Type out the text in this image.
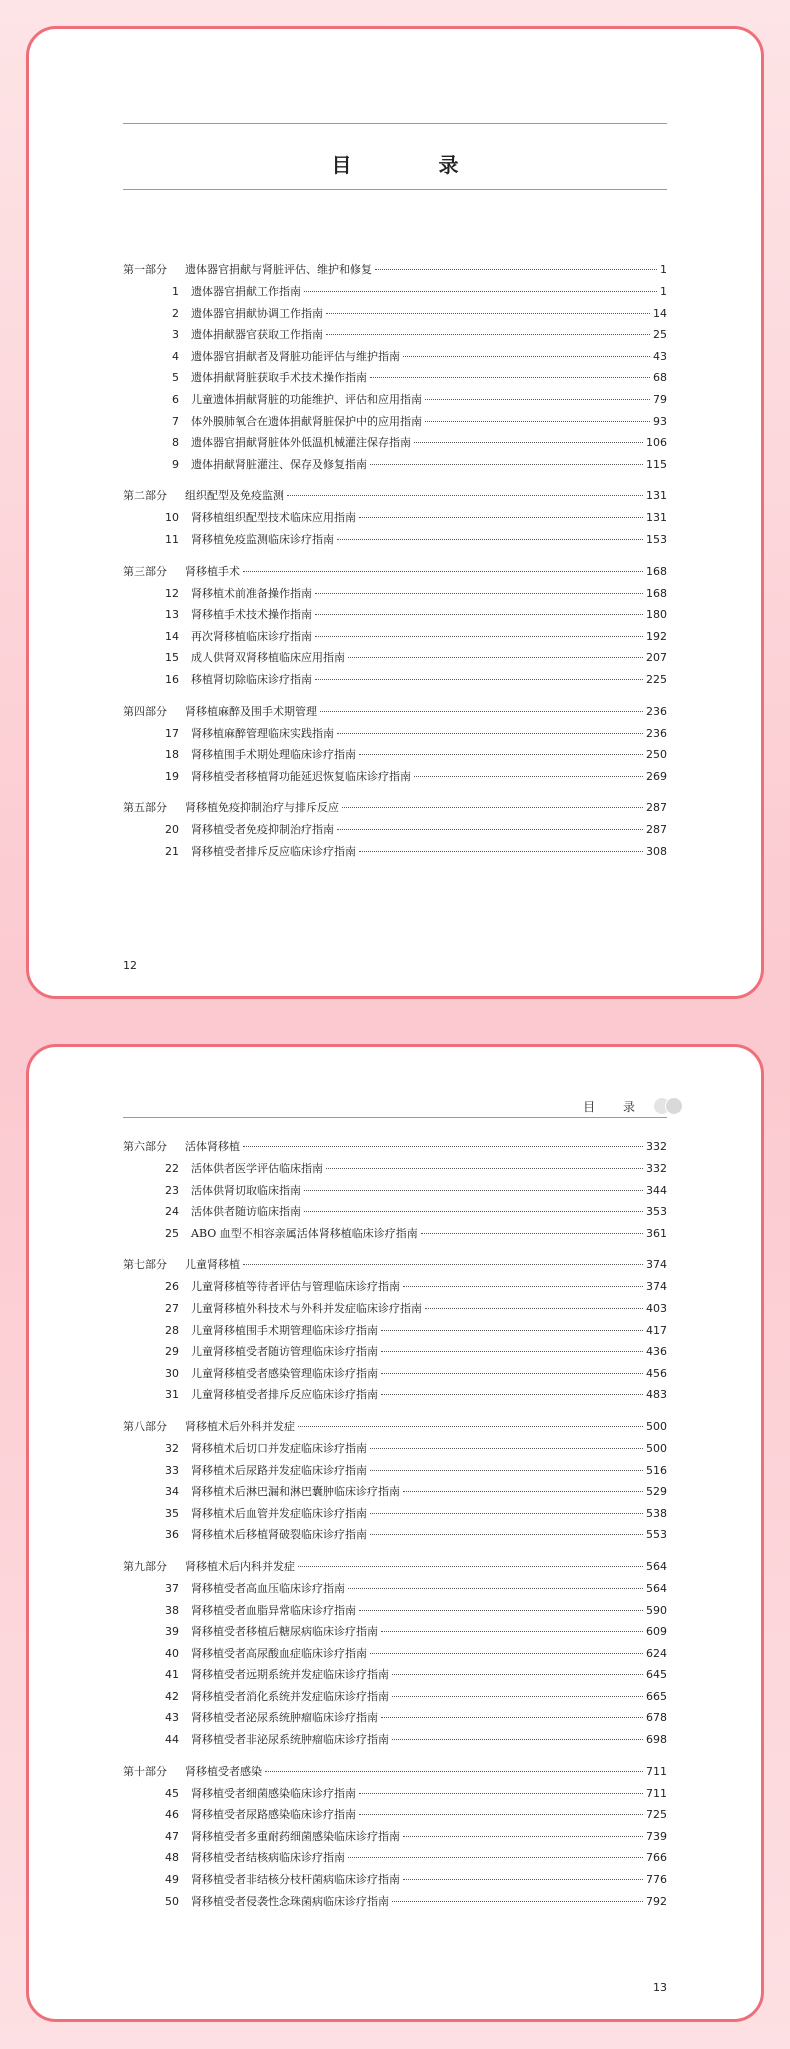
目 录
第一部分	遗体器官捐献与肾脏评估、维护和修复	1
1	遗体器官捐献工作指南	1
2	遗体器官捐献协调工作指南	14
3	遗体捐献器官获取工作指南	25
4	遗体器官捐献者及肾脏功能评估与维护指南	43
5	遗体捐献肾脏获取手术技术操作指南	68
6	儿童遗体捐献肾脏的功能维护、评估和应用指南	79
7	体外膜肺氧合在遗体捐献肾脏保护中的应用指南	93
8	遗体器官捐献肾脏体外低温机械灌注保存指南	106
9	遗体捐献肾脏灌注、保存及修复指南	115
第二部分	组织配型及免疫监测	131
10	肾移植组织配型技术临床应用指南	131
11	肾移植免疫监测临床诊疗指南	153
第三部分	肾移植手术	168
12	肾移植术前准备操作指南	168
13	肾移植手术技术操作指南	180
14	再次肾移植临床诊疗指南	192
15	成人供肾双肾移植临床应用指南	207
16	移植肾切除临床诊疗指南	225
第四部分	肾移植麻醉及围手术期管理	236
17	肾移植麻醉管理临床实践指南	236
18	肾移植围手术期处理临床诊疗指南	250
19	肾移植受者移植肾功能延迟恢复临床诊疗指南	269
第五部分	肾移植免疫抑制治疗与排斥反应	287
20	肾移植受者免疫抑制治疗指南	287
21	肾移植受者排斥反应临床诊疗指南	308
12
目 录
第六部分	活体肾移植	332
22	活体供者医学评估临床指南	332
23	活体供肾切取临床指南	344
24	活体供者随访临床指南	353
25	ABO 血型不相容亲属活体肾移植临床诊疗指南	361
第七部分	儿童肾移植	374
26	儿童肾移植等待者评估与管理临床诊疗指南	374
27	儿童肾移植外科技术与外科并发症临床诊疗指南	403
28	儿童肾移植围手术期管理临床诊疗指南	417
29	儿童肾移植受者随访管理临床诊疗指南	436
30	儿童肾移植受者感染管理临床诊疗指南	456
31	儿童肾移植受者排斥反应临床诊疗指南	483
第八部分	肾移植术后外科并发症	500
32	肾移植术后切口并发症临床诊疗指南	500
33	肾移植术后尿路并发症临床诊疗指南	516
34	肾移植术后淋巴漏和淋巴囊肿临床诊疗指南	529
35	肾移植术后血管并发症临床诊疗指南	538
36	肾移植术后移植肾破裂临床诊疗指南	553
第九部分	肾移植术后内科并发症	564
37	肾移植受者高血压临床诊疗指南	564
38	肾移植受者血脂异常临床诊疗指南	590
39	肾移植受者移植后糖尿病临床诊疗指南	609
40	肾移植受者高尿酸血症临床诊疗指南	624
41	肾移植受者远期系统并发症临床诊疗指南	645
42	肾移植受者消化系统并发症临床诊疗指南	665
43	肾移植受者泌尿系统肿瘤临床诊疗指南	678
44	肾移植受者非泌尿系统肿瘤临床诊疗指南	698
第十部分	肾移植受者感染	711
45	肾移植受者细菌感染临床诊疗指南	711
46	肾移植受者尿路感染临床诊疗指南	725
47	肾移植受者多重耐药细菌感染临床诊疗指南	739
48	肾移植受者结核病临床诊疗指南	766
49	肾移植受者非结核分枝杆菌病临床诊疗指南	776
50	肾移植受者侵袭性念珠菌病临床诊疗指南	792
13
